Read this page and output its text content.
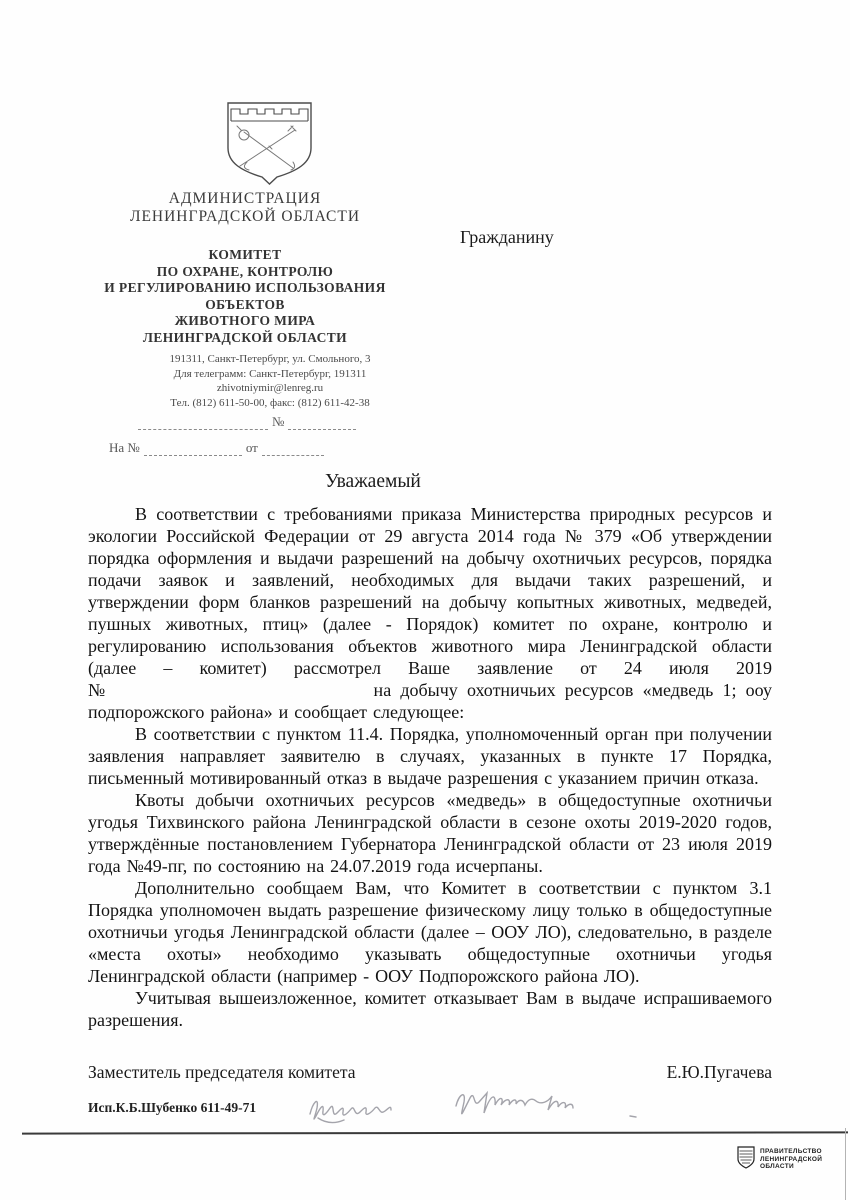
АДМИНИСТРАЦИЯ
ЛЕНИНГРАДСКОЙ ОБЛАСТИ
КОМИТЕТ
ПО ОХРАНЕ, КОНТРОЛЮ
И РЕГУЛИРОВАНИЮ ИСПОЛЬЗОВАНИЯ
ОБЪЕКТОВ
ЖИВОТНОГО МИРА
ЛЕНИНГРАДСКОЙ ОБЛАСТИ
191311, Санкт-Петербург, ул. Смольного, 3
Для телеграмм: Санкт-Петербург, 191311
zhivotniymir@lenreg.ru
Тел. (812) 611-50-00, факс: (812) 611-42-38
№
На №	от
Гражданину
Уважаемый

В соответствии с требованиями приказа Министерства природных ресурсов и экологии Российской Федерации от 29 августа 2014 года № 379 «Об утверждении порядка оформления и выдачи разрешений на добычу охотничьих ресурсов, порядка подачи заявок и заявлений, необходимых для выдачи таких разрешений, и утверждении форм бланков разрешений на добычу копытных животных, медведей, пушных животных, птиц» (далее - Порядок) комитет по охране, контролю и регулированию использования объектов животного мира Ленинградской области (далее – комитет) рассмотрел Ваше заявление от 24 июля 2019 №                             на добычу охотничьих ресурсов «медведь 1; ооу подпорожского района» и сообщает следующее:

В соответствии с пунктом 11.4. Порядка, уполномоченный орган при получении заявления направляет заявителю в случаях, указанных в пункте 17 Порядка, письменный мотивированный отказ в выдаче разрешения с указанием причин отказа.

Квоты добычи охотничьих ресурсов «медведь» в общедоступные охотничьи угодья Тихвинского района Ленинградской области в сезоне охоты 2019-2020 годов, утверждённые постановлением Губернатора Ленинградской области от 23 июля 2019 года №49-пг, по состоянию на 24.07.2019 года исчерпаны.

Дополнительно сообщаем Вам, что Комитет в соответствии с пунктом 3.1 Порядка уполномочен выдать разрешение физическому лицу только в общедоступные охотничьи угодья Ленинградской области (далее – ООУ ЛО), следовательно, в разделе «места охоты» необходимо указывать общедоступные охотничьи угодья Ленинградской области (например - ООУ Подпорожского района ЛО).

Учитывая вышеизложенное, комитет отказывает Вам в выдаче испрашиваемого разрешения.

Заместитель председателя комитета	Е.Ю.Пугачева
Исп.К.Б.Шубенко 611-49-71
ПРАВИТЕЛЬСТВО
ЛЕНИНГРАДСКОЙ
ОБЛАСТИ
